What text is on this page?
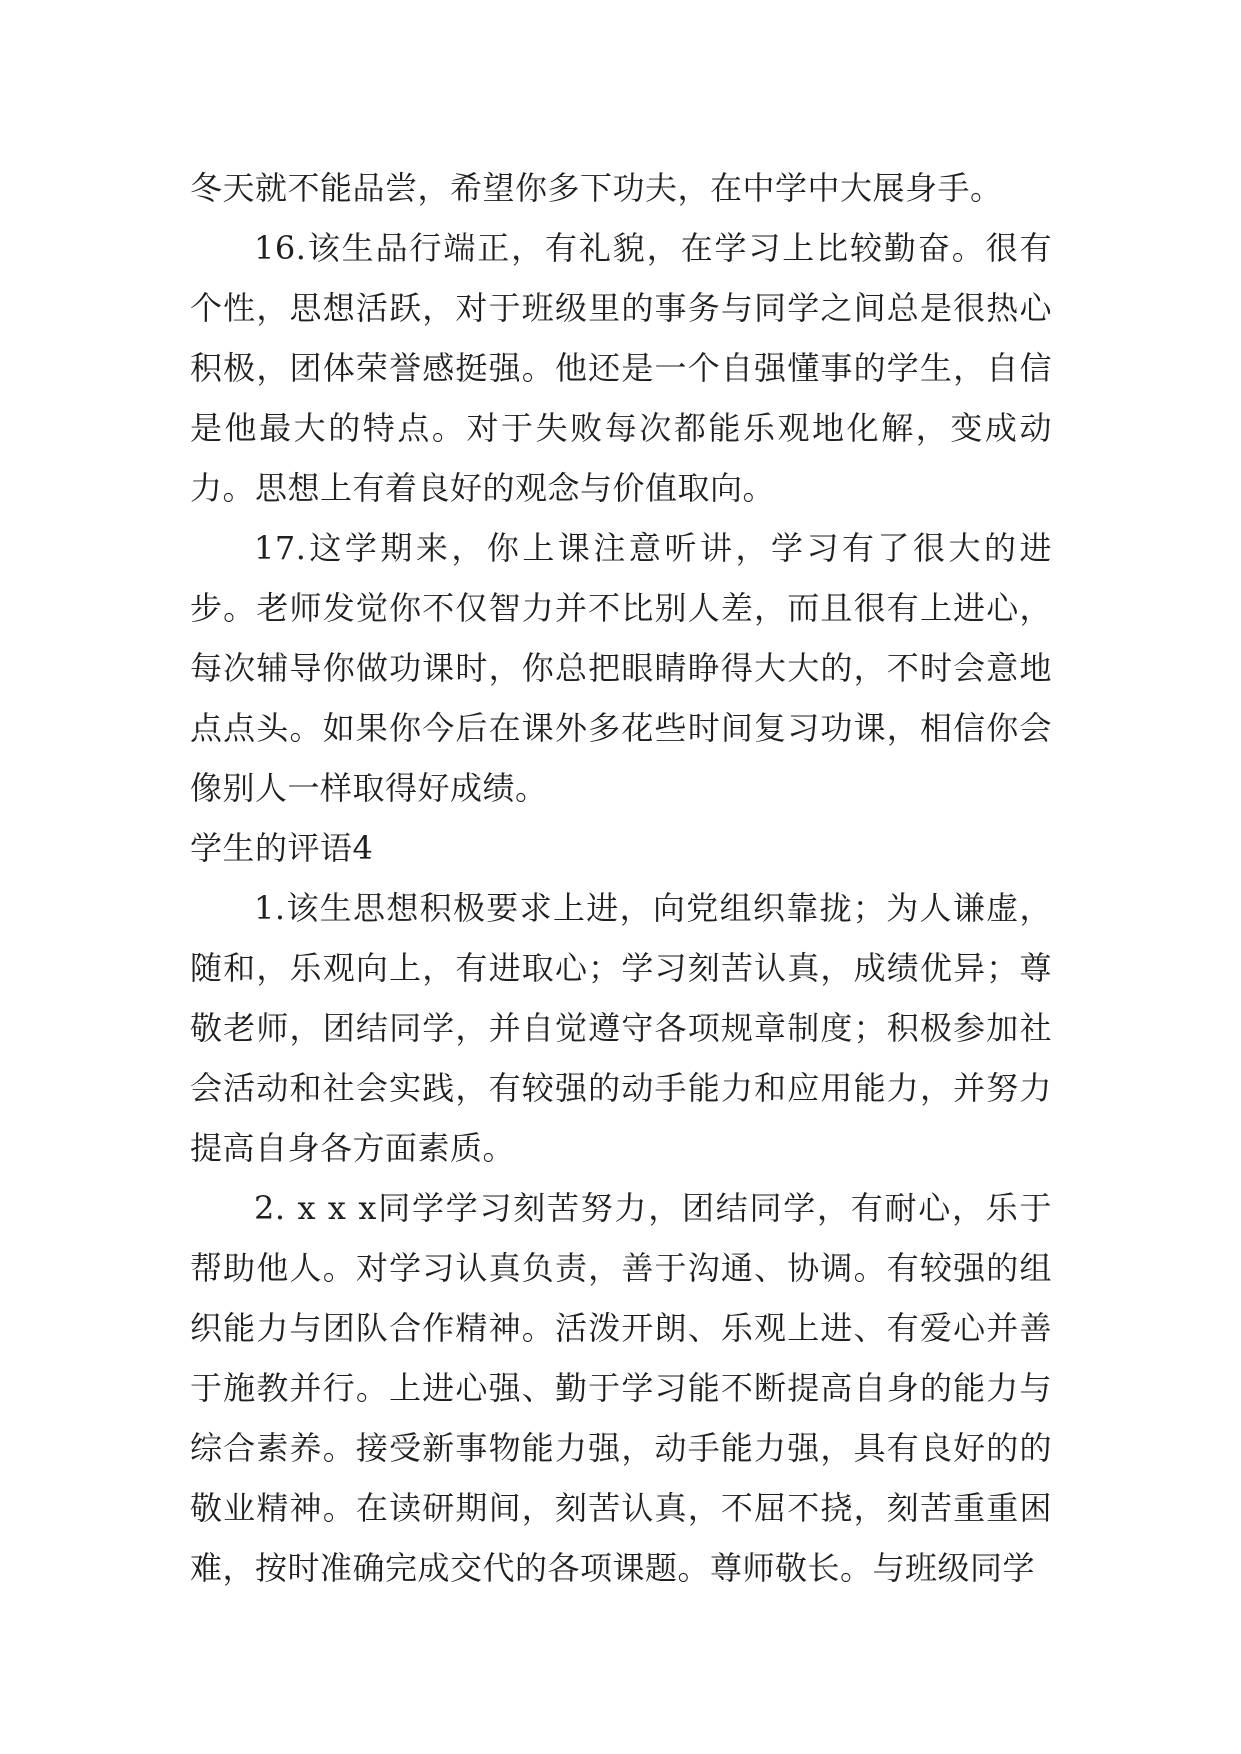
冬天就不能品尝，希望你多下功夫，在中学中大展身手。

16.该生品行端正，有礼貌，在学习上比较勤奋。很有个性，思想活跃，对于班级里的事务与同学之间总是很热心积极，团体荣誉感挺强。他还是一个自强懂事的学生，自信是他最大的特点。对于失败每次都能乐观地化解，变成动力。思想上有着良好的观念与价值取向。

17.这学期来，你上课注意听讲，学习有了很大的进步。老师发觉你不仅智力并不比别人差，而且很有上进心，每次辅导你做功课时，你总把眼睛睁得大大的，不时会意地点点头。如果你今后在课外多花些时间复习功课，相信你会像别人一样取得好成绩。

学生的评语4

1.该生思想积极要求上进，向党组织靠拢；为人谦虚，随和，乐观向上，有进取心；学习刻苦认真，成绩优异；尊敬老师，团结同学，并自觉遵守各项规章制度；积极参加社会活动和社会实践，有较强的动手能力和应用能力，并努力提高自身各方面素质。

2. x x x同学学习刻苦努力，团结同学，有耐心，乐于帮助他人。对学习认真负责，善于沟通、协调。有较强的组织能力与团队合作精神。活泼开朗、乐观上进、有爱心并善于施教并行。上进心强、勤于学习能不断提高自身的能力与综合素养。接受新事物能力强，动手能力强，具有良好的的敬业精神。在读研期间，刻苦认真，不屈不挠，刻苦重重困难，按时准确完成交代的各项课题。尊师敬长。与班级同学
